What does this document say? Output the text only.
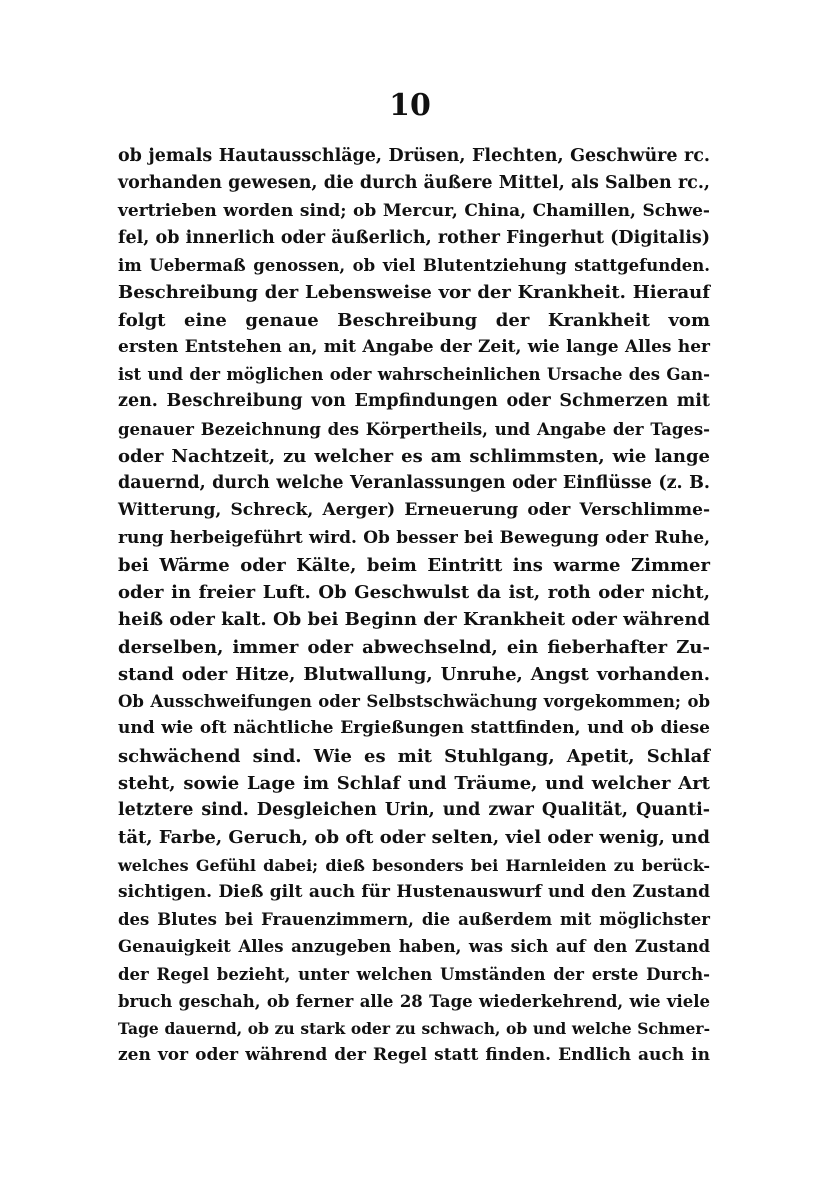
10
ob jemals Hautausschläge, Drüsen, Flechten, Geschwüre rc.
vorhanden gewesen, die durch äußere Mittel, als Salben rc.,
vertrieben worden sind; ob Mercur, China, Chamillen, Schwe-
fel, ob innerlich oder äußerlich, rother Fingerhut (Digitalis)
im Uebermaß genossen, ob viel Blutentziehung stattgefunden.
Beschreibung der Lebensweise vor der Krankheit. Hierauf
folgt eine genaue Beschreibung der Krankheit vom
ersten Entstehen an, mit Angabe der Zeit, wie lange Alles her
ist und der möglichen oder wahrscheinlichen Ursache des Gan-
zen. Beschreibung von Empfindungen oder Schmerzen mit
genauer Bezeichnung des Körpertheils, und Angabe der Tages-
oder Nachtzeit, zu welcher es am schlimmsten, wie lange
dauernd, durch welche Veranlassungen oder Einflüsse (z. B.
Witterung, Schreck, Aerger) Erneuerung oder Verschlimme-
rung herbeigeführt wird. Ob besser bei Bewegung oder Ruhe,
bei Wärme oder Kälte, beim Eintritt ins warme Zimmer
oder in freier Luft. Ob Geschwulst da ist, roth oder nicht,
heiß oder kalt. Ob bei Beginn der Krankheit oder während
derselben, immer oder abwechselnd, ein fieberhafter Zu-
stand oder Hitze, Blutwallung, Unruhe, Angst vorhanden.
Ob Ausschweifungen oder Selbstschwächung vorgekommen; ob
und wie oft nächtliche Ergießungen stattfinden, und ob diese
schwächend sind. Wie es mit Stuhlgang, Apetit, Schlaf
steht, sowie Lage im Schlaf und Träume, und welcher Art
letztere sind. Desgleichen Urin, und zwar Qualität, Quanti-
tät, Farbe, Geruch, ob oft oder selten, viel oder wenig, und
welches Gefühl dabei; dieß besonders bei Harnleiden zu berück-
sichtigen. Dieß gilt auch für Hustenauswurf und den Zustand
des Blutes bei Frauenzimmern, die außerdem mit möglichster
Genauigkeit Alles anzugeben haben, was sich auf den Zustand
der Regel bezieht, unter welchen Umständen der erste Durch-
bruch geschah, ob ferner alle 28 Tage wiederkehrend, wie viele
Tage dauernd, ob zu stark oder zu schwach, ob und welche Schmer-
zen vor oder während der Regel statt finden. Endlich auch in
